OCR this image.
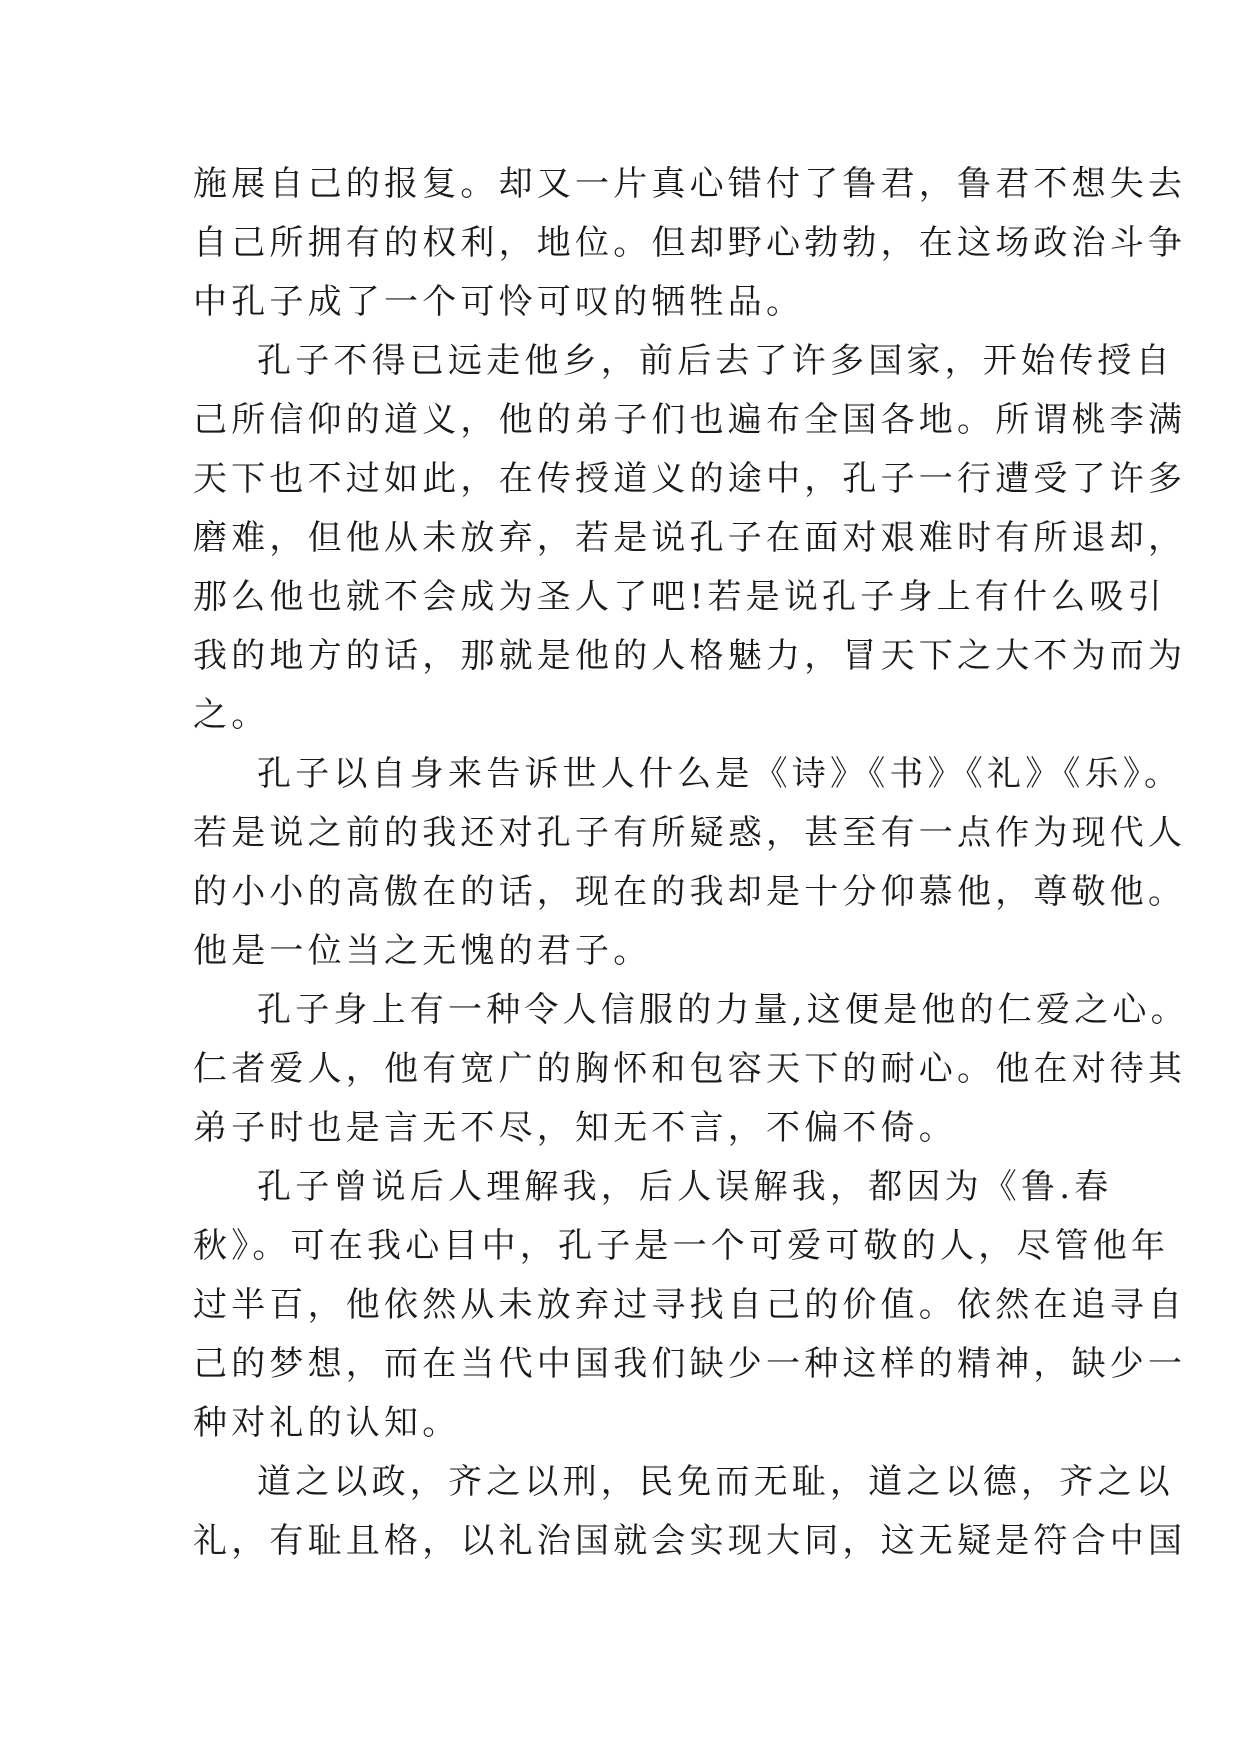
施展自己的报复。却又一片真心错付了鲁君，鲁君不想失去
自己所拥有的权利，地位。但却野心勃勃，在这场政治斗争
中孔子成了一个可怜可叹的牺牲品。
孔子不得已远走他乡，前后去了许多国家，开始传授自
己所信仰的道义，他的弟子们也遍布全国各地。所谓桃李满
天下也不过如此，在传授道义的途中，孔子一行遭受了许多
磨难，但他从未放弃，若是说孔子在面对艰难时有所退却，
那么他也就不会成为圣人了吧!若是说孔子身上有什么吸引
我的地方的话，那就是他的人格魅力，冒天下之大不为而为
之。
孔子以自身来告诉世人什么是《诗》《书》《礼》《乐》。
若是说之前的我还对孔子有所疑惑，甚至有一点作为现代人
的小小的高傲在的话，现在的我却是十分仰慕他，尊敬他。
他是一位当之无愧的君子。
孔子身上有一种令人信服的力量,这便是他的仁爱之心。
仁者爱人，他有宽广的胸怀和包容天下的耐心。他在对待其
弟子时也是言无不尽，知无不言，不偏不倚。
孔子曾说后人理解我，后人误解我，都因为《鲁.春
秋》。可在我心目中，孔子是一个可爱可敬的人，尽管他年
过半百，他依然从未放弃过寻找自己的价值。依然在追寻自
己的梦想，而在当代中国我们缺少一种这样的精神，缺少一
种对礼的认知。
道之以政，齐之以刑，民免而无耻，道之以德，齐之以
礼，有耻且格，以礼治国就会实现大同，这无疑是符合中国
